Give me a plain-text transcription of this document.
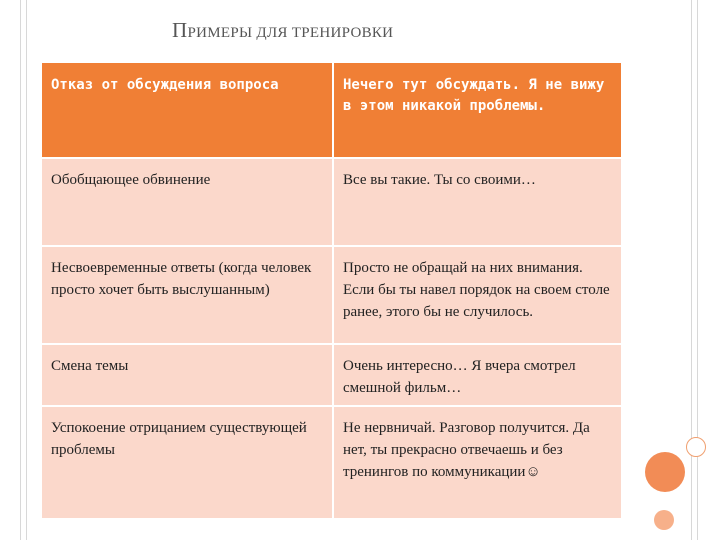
ПРИМЕРЫ ДЛЯ ТРЕНИРОВКИ
Отказ от обсуждения вопроса	Нечего тут обсуждать. Я не вижу в этом никакой проблемы.
Обобщающее обвинение	Все вы такие. Ты со своими…
Несвоевременные ответы (когда человек просто хочет быть выслушанным)	Просто не обращай на них внимания. Если бы ты навел порядок на своем столе ранее, этого бы не случилось.
Смена темы	Очень интересно… Я вчера смотрел смешной фильм…
Успокоение отрицанием существующей проблемы	Не нервничай. Разговор получится. Да нет, ты прекрасно отвечаешь и без тренингов по коммуникации☺
